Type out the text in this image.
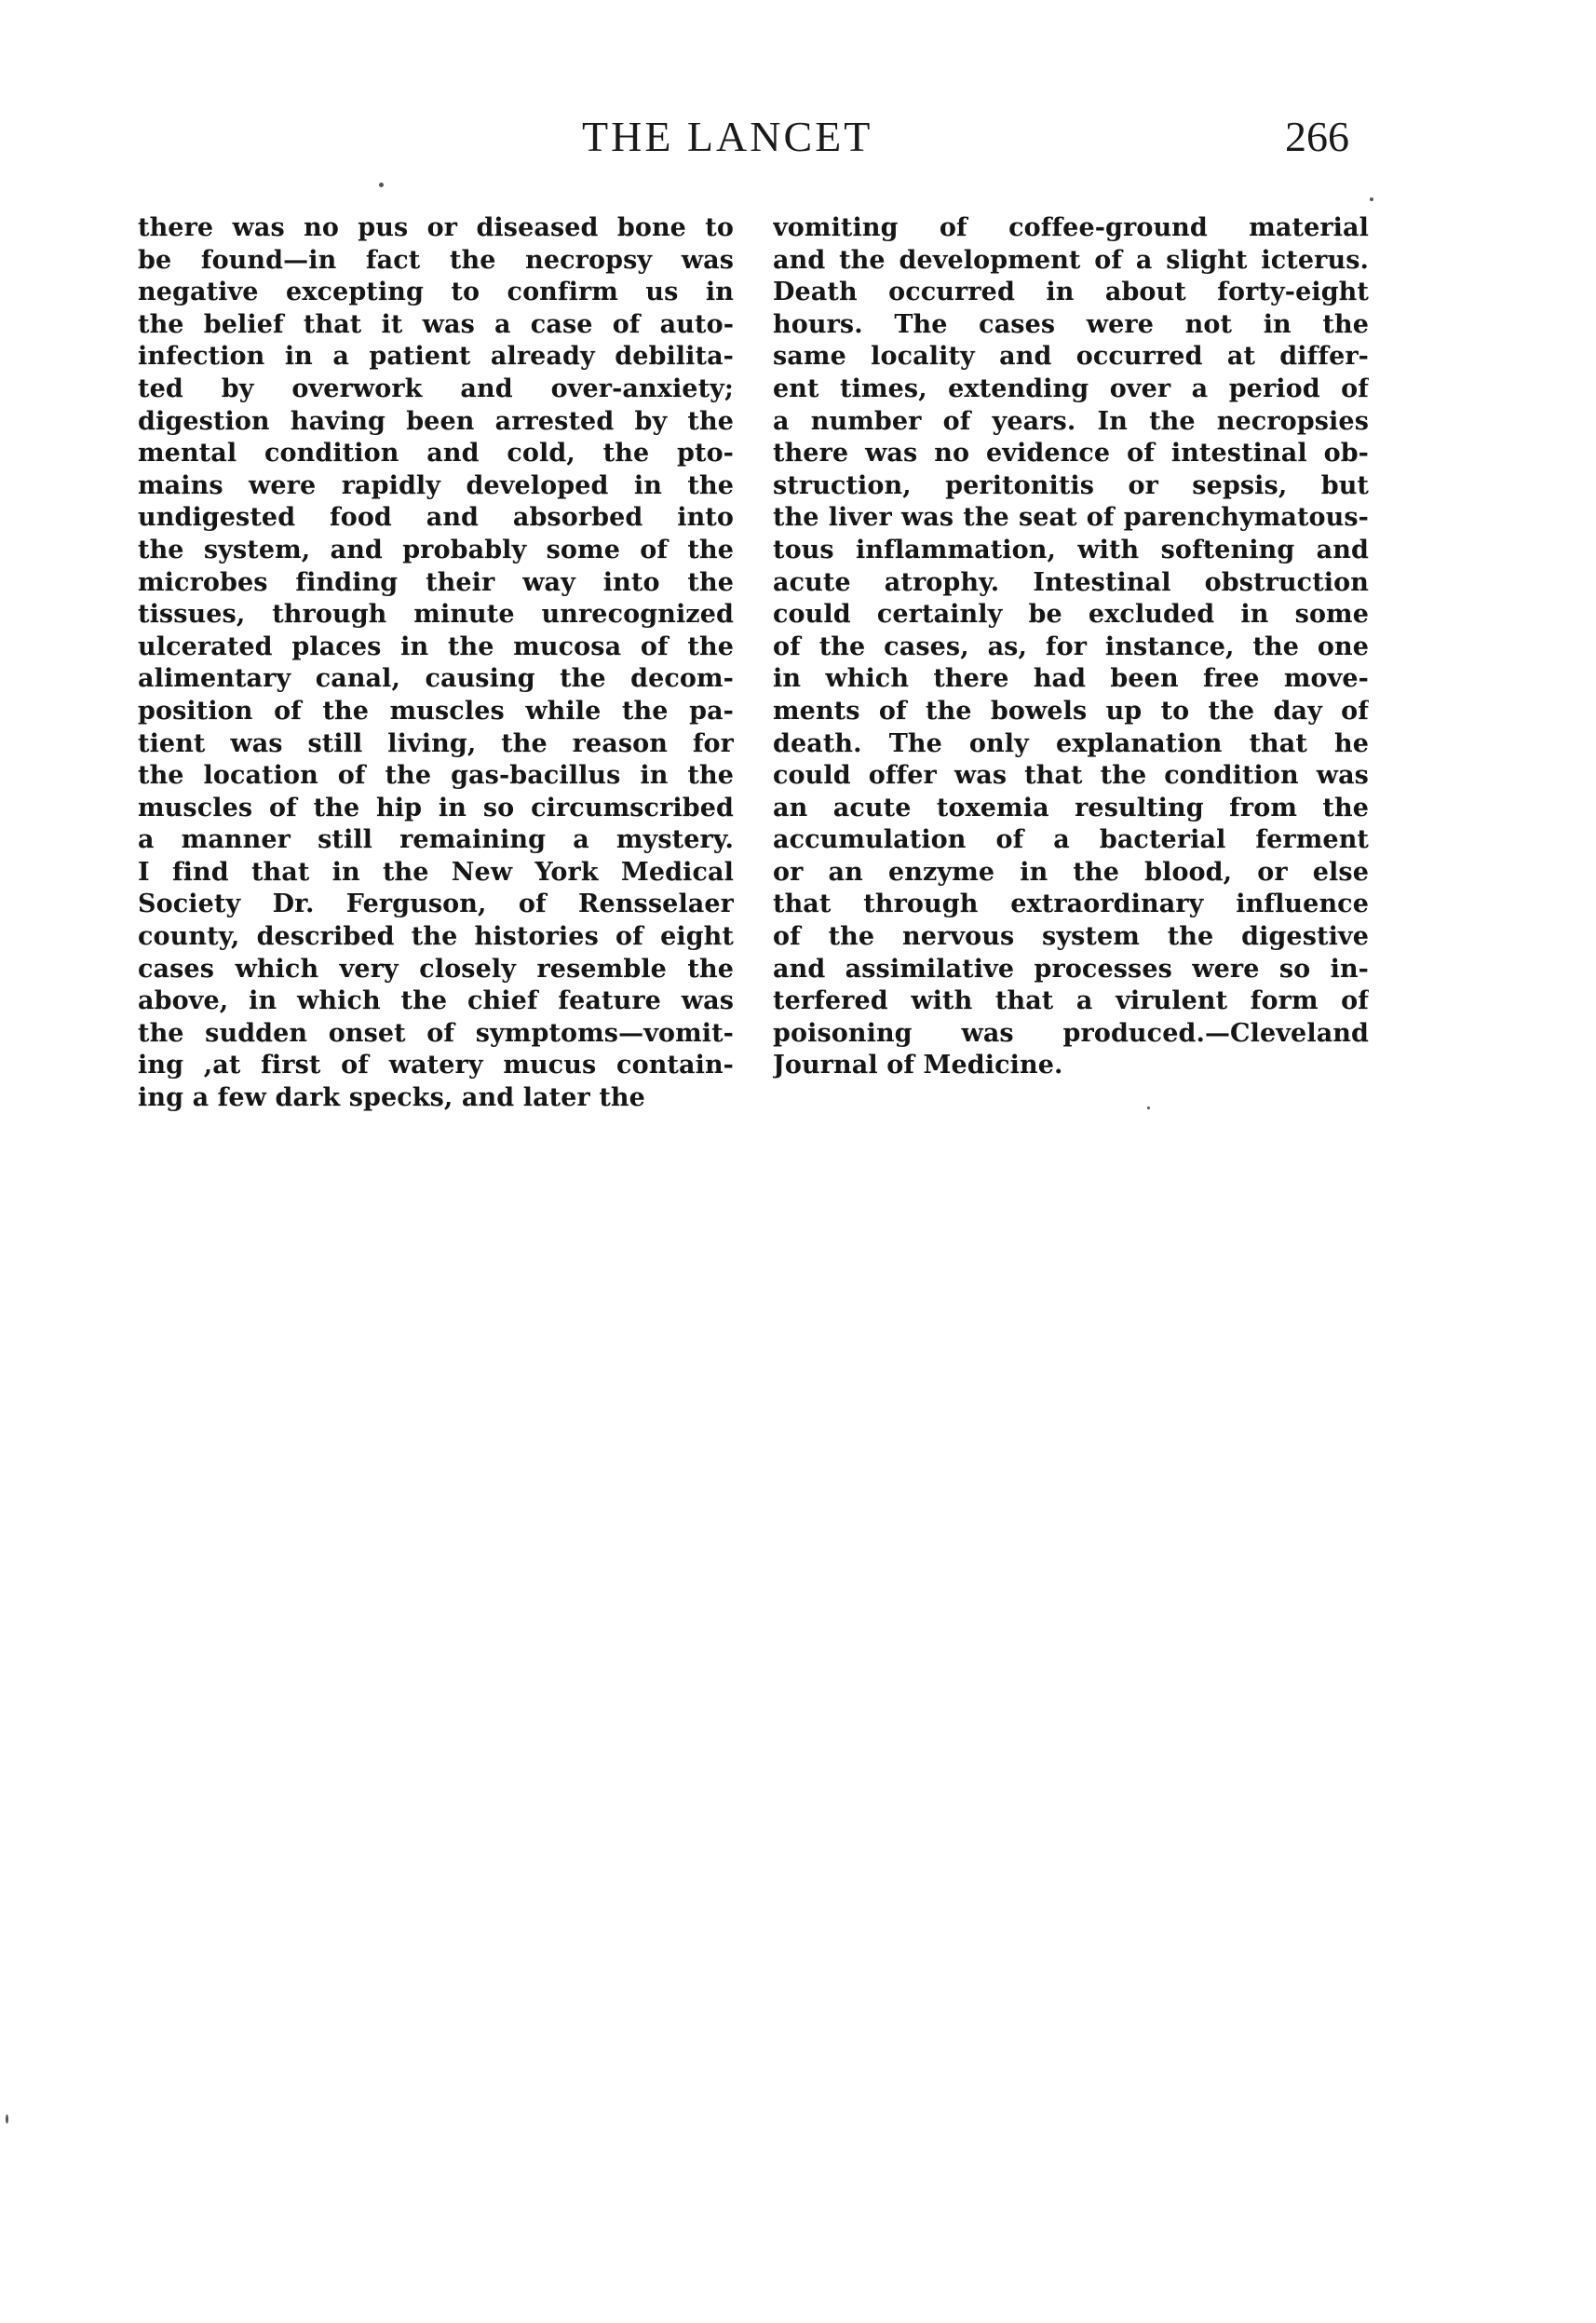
THE LANCET	266
there was no pus or diseased bone to
be found—in fact the necropsy was
negative excepting to confirm us in
the belief that it was a case of auto-
infection in a patient already debilita-
ted by overwork and over-anxiety;
digestion having been arrested by the
mental condition and cold, the pto-
mains were rapidly developed in the
undigested food and absorbed into
the system, and probably some of the
microbes finding their way into the
tissues, through minute unrecognized
ulcerated places in the mucosa of the
alimentary canal, causing the decom-
position of the muscles while the pa-
tient was still living, the reason for
the location of the gas-bacillus in the
muscles of the hip in so circumscribed
a manner still remaining a mystery.
I find that in the New York Medical
Society Dr. Ferguson, of Rensselaer
county, described the histories of eight
cases which very closely resemble the
above, in which the chief feature was
the sudden onset of symptoms—vomit-
ing ,at first of watery mucus contain-
ing a few dark specks, and later the
vomiting of coffee-ground material
and the development of a slight icterus.
Death occurred in about forty-eight
hours. The cases were not in the
same locality and occurred at differ-
ent times, extending over a period of
a number of years. In the necropsies
there was no evidence of intestinal ob-
struction, peritonitis or sepsis, but
the liver was the seat of parenchymatous-
tous inflammation, with softening and
acute atrophy. Intestinal obstruction
could certainly be excluded in some
of the cases, as, for instance, the one
in which there had been free move-
ments of the bowels up to the day of
death. The only explanation that he
could offer was that the condition was
an acute toxemia resulting from the
accumulation of a bacterial ferment
or an enzyme in the blood, or else
that through extraordinary influence
of the nervous system the digestive
and assimilative processes were so in-
terfered with that a virulent form of
poisoning was produced.—Cleveland
Journal of Medicine.
